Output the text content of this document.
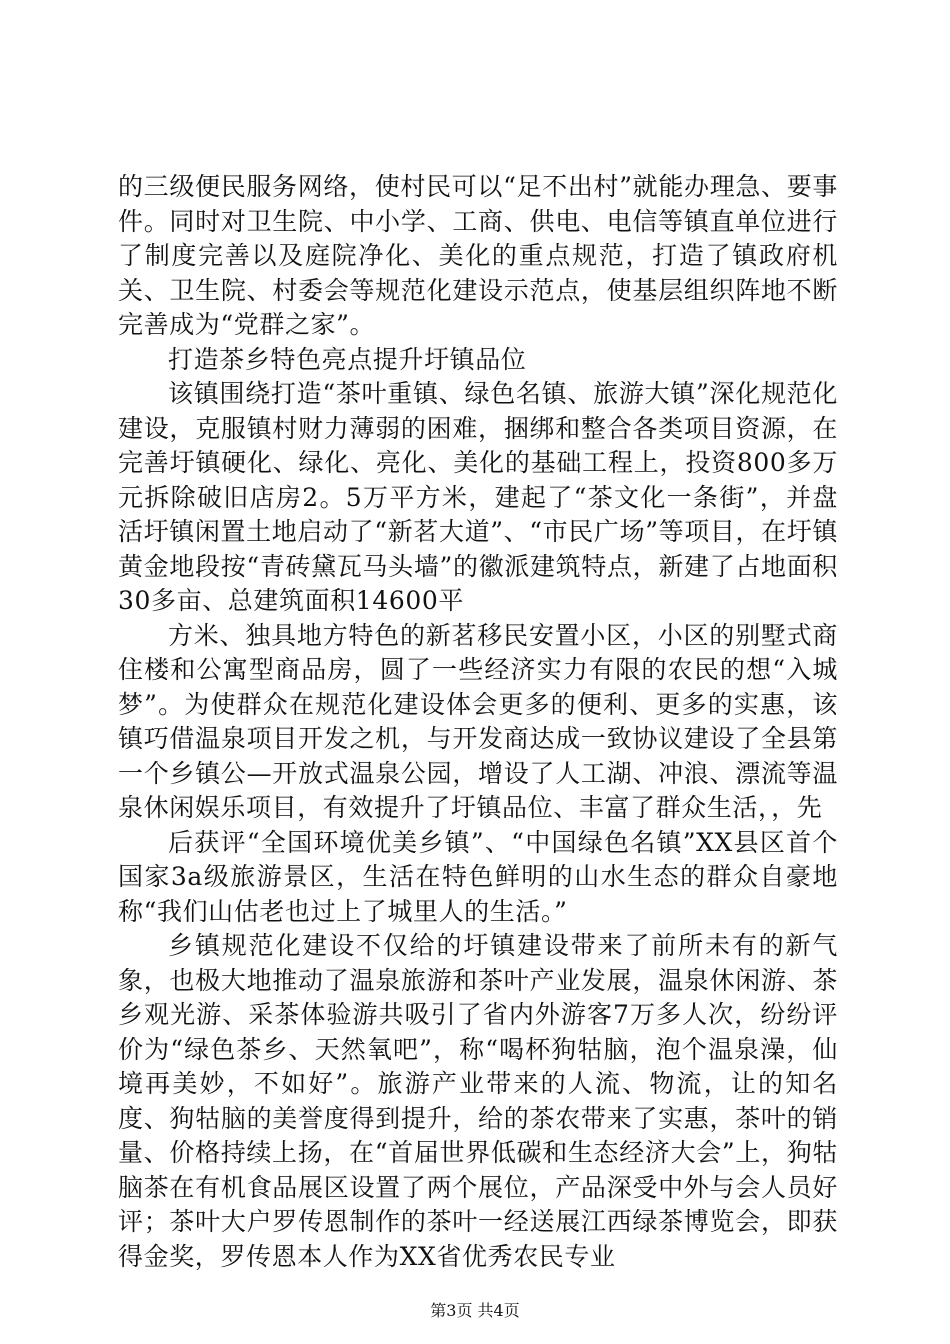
的三级便民服务网络，使村民可以“足不出村”就能办理急、要事件。同时对卫生院、中小学、工商、供电、电信等镇直单位进行了制度完善以及庭院净化、美化的重点规范，打造了镇政府机关、卫生院、村委会等规范化建设示范点，使基层组织阵地不断完善成为“党群之家”。

打造茶乡特色亮点提升圩镇品位

该镇围绕打造“茶叶重镇、绿色名镇、旅游大镇”深化规范化建设，克服镇村财力薄弱的困难，捆绑和整合各类项目资源，在完善圩镇硬化、绿化、亮化、美化的基础工程上，投资800多万元拆除破旧店房2。5万平方米，建起了“茶文化一条街”，并盘活圩镇闲置土地启动了“新茗大道”、“市民广场”等项目，在圩镇黄金地段按“青砖黛瓦马头墙”的徽派建筑特点，新建了占地面积30多亩、总建筑面积14600平

方米、独具地方特色的新茗移民安置小区，小区的别墅式商住楼和公寓型商品房，圆了一些经济实力有限的农民的想“入城梦”。为使群众在规范化建设体会更多的便利、更多的实惠，该镇巧借温泉项目开发之机，与开发商达成一致协议建设了全县第一个乡镇公—开放式温泉公园，增设了人工湖、冲浪、漂流等温泉休闲娱乐项目，有效提升了圩镇品位、丰富了群众生活，，先

后获评“全国环境优美乡镇”、“中国绿色名镇”XX县区首个国家3a级旅游景区，生活在特色鲜明的山水生态的群众自豪地称“我们山估老也过上了城里人的生活。”

乡镇规范化建设不仅给的圩镇建设带来了前所未有的新气象，也极大地推动了温泉旅游和茶叶产业发展，温泉休闲游、茶乡观光游、采茶体验游共吸引了省内外游客7万多人次，纷纷评价为“绿色茶乡、天然氧吧”，称“喝杯狗牯脑，泡个温泉澡，仙境再美妙，不如好”。旅游产业带来的人流、物流，让的知名度、狗牯脑的美誉度得到提升，给的茶农带来了实惠，茶叶的销量、价格持续上扬，在“首届世界低碳和生态经济大会”上，狗牯脑茶在有机食品展区设置了两个展位，产品深受中外与会人员好评；茶叶大户罗传恩制作的茶叶一经送展江西绿茶博览会，即获得金奖，罗传恩本人作为XX省优秀农民专业

第3页 共4页
